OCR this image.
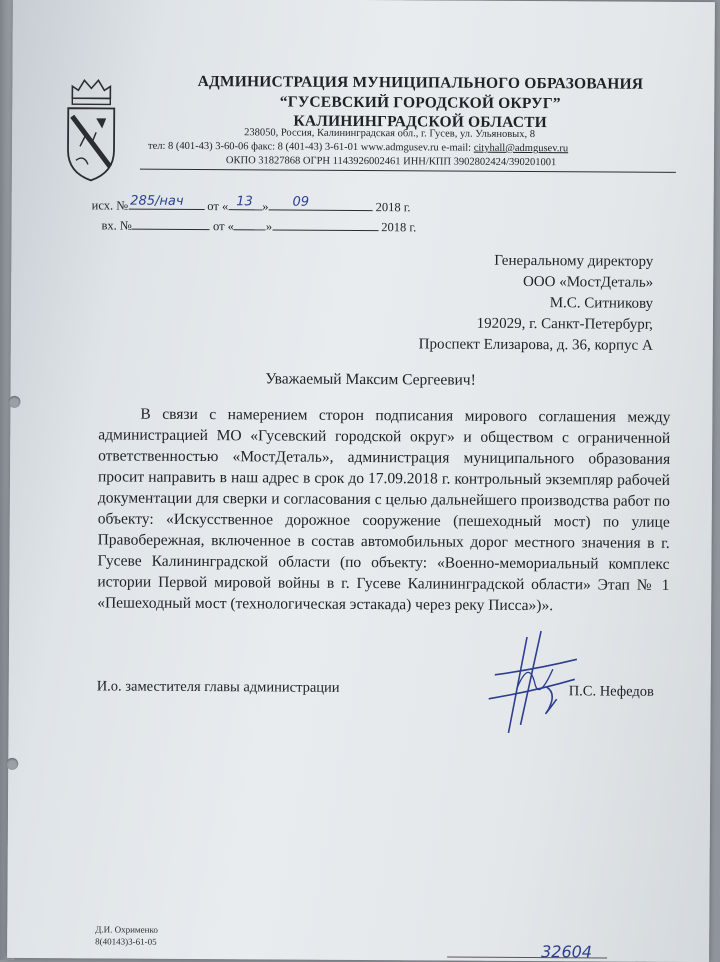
АДМИНИСТРАЦИЯ МУНИЦИПАЛЬНОГО ОБРАЗОВАНИЯ
“ГУСЕВСКИЙ ГОРОДСКОЙ ОКРУГ”
КАЛИНИНГРАДСКОЙ ОБЛАСТИ
238050, Россия, Калининградская обл., г. Гусев, ул. Ульяновых, 8
тел: 8 (401-43) 3-60-06 факс: 8 (401-43) 3-61-01 www.admgusev.ru e-mail: cityhall@admgusev.ru
ОКПО 31827868 ОГРН 1143926002461 ИНН/КПП 3902802424/390201001
исх. № 285/нач от « 13 » 09	2018 г.
вх. №	от «	»	2018 г.
Генеральному директору
ООО «МостДеталь»
М.С. Ситникову
192029, г. Санкт-Петербург,
Проспект Елизарова, д. 36, корпус А
Уважаемый Максим Сергеевич!

В связи с намерением сторон подписания мирового соглашения между администрацией МО «Гусевский городской округ» и обществом с ограниченной ответственностью «МостДеталь», администрация муниципального образования просит направить в наш адрес в срок до 17.09.2018 г. контрольный экземпляр рабочей документации для сверки и согласования с целью дальнейшего производства работ по объекту: «Искусственное дорожное сооружение (пешеходный мост) по улице Правобережная, включенное в состав автомобильных дорог местного значения в г. Гусеве Калининградской области (по объекту: «Военно-мемориальный комплекс истории Первой мировой войны в г. Гусеве Калининградской области» Этап № 1 «Пешеходный мост (технологическая эстакада) через реку Писса»)».

И.о. заместителя главы администрации	П.С. Нефедов
Д.И. Охрименко
8(40143)3-61-05
32604
